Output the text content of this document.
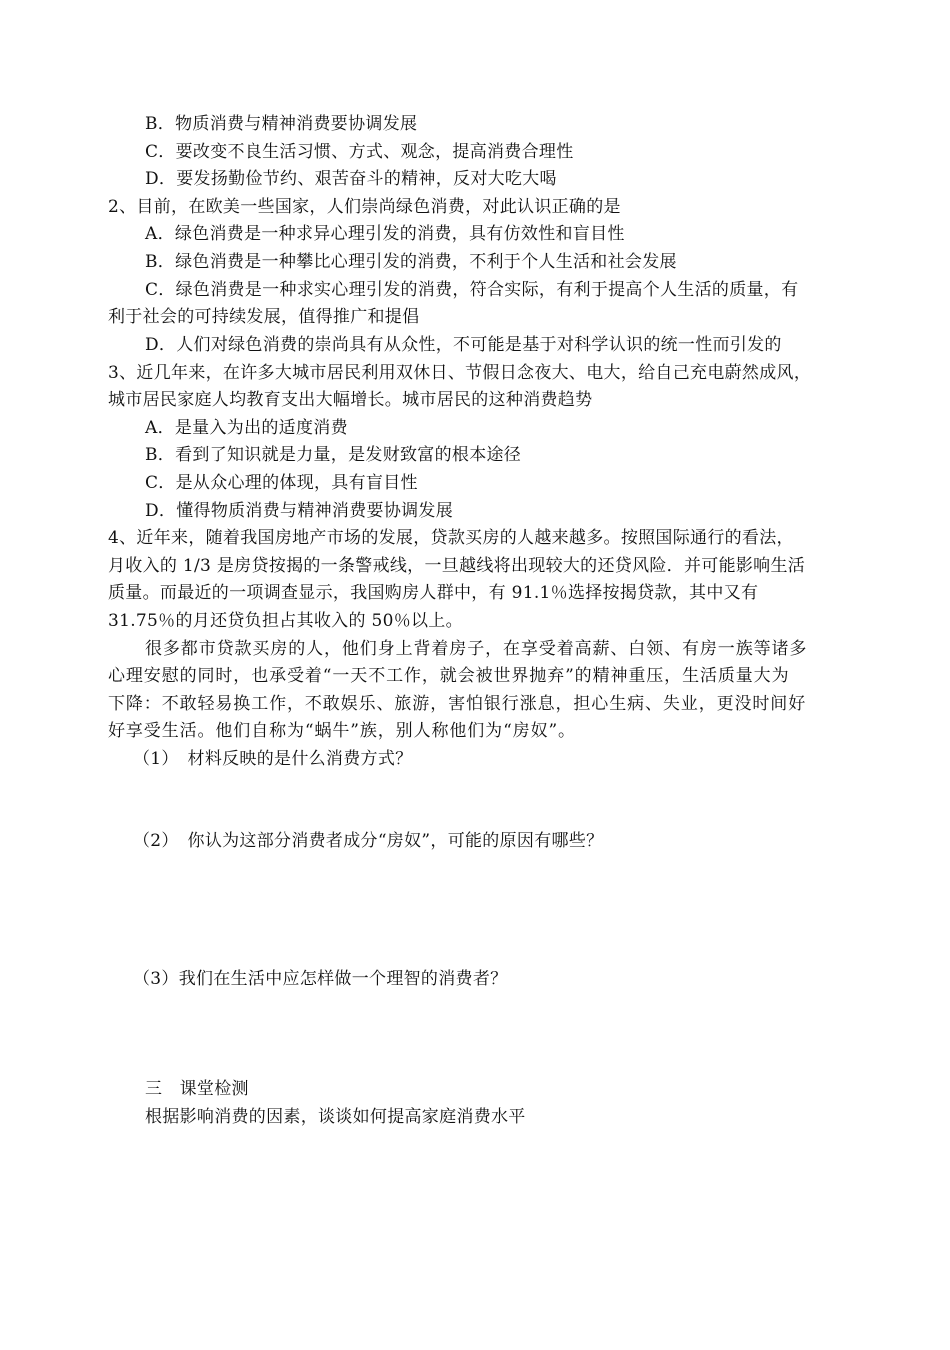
B．物质消费与精神消费要协调发展
C．要改变不良生活习惯、方式、观念，提高消费合理性
D．要发扬勤俭节约、艰苦奋斗的精神，反对大吃大喝
2、目前，在欧美一些国家，人们崇尚绿色消费，对此认识正确的是
A．绿色消费是一种求异心理引发的消费，具有仿效性和盲目性
B．绿色消费是一种攀比心理引发的消费，不利于个人生活和社会发展
C．绿色消费是一种求实心理引发的消费，符合实际，有利于提高个人生活的质量，有
利于社会的可持续发展，值得推广和提倡
D．人们对绿色消费的崇尚具有从众性，不可能是基于对科学认识的统一性而引发的
3、近几年来，在许多大城市居民利用双休日、节假日念夜大、电大，给自己充电蔚然成风，
城市居民家庭人均教育支出大幅增长。城市居民的这种消费趋势
A．是量入为出的适度消费
B．看到了知识就是力量，是发财致富的根本途径
C．是从众心理的体现，具有盲目性
D．懂得物质消费与精神消费要协调发展
4、近年来，随着我国房地产市场的发展，贷款买房的人越来越多。按照国际通行的看法，
月收入的 1/3 是房贷按揭的一条警戒线，一旦越线将出现较大的还贷风险．并可能影响生活
质量。而最近的一项调查显示，我国购房人群中，有 91.1％选择按揭贷款，其中又有
31.75％的月还贷负担占其收入的 50％以上。
很多都市贷款买房的人，他们身上背着房子，在享受着高薪、白领、有房一族等诸多
心理安慰的同时，也承受着“一天不工作，就会被世界抛弃”的精神重压，生活质量大为
下降：不敢轻易换工作，不敢娱乐、旅游，害怕银行涨息，担心生病、失业，更没时间好
好享受生活。他们自称为“蜗牛”族，别人称他们为“房奴”。
（1）　材料反映的是什么消费方式？
（2）　你认为这部分消费者成分“房奴”，可能的原因有哪些？
（3）我们在生活中应怎样做一个理智的消费者？
三　课堂检测
根据影响消费的因素，谈谈如何提高家庭消费水平
